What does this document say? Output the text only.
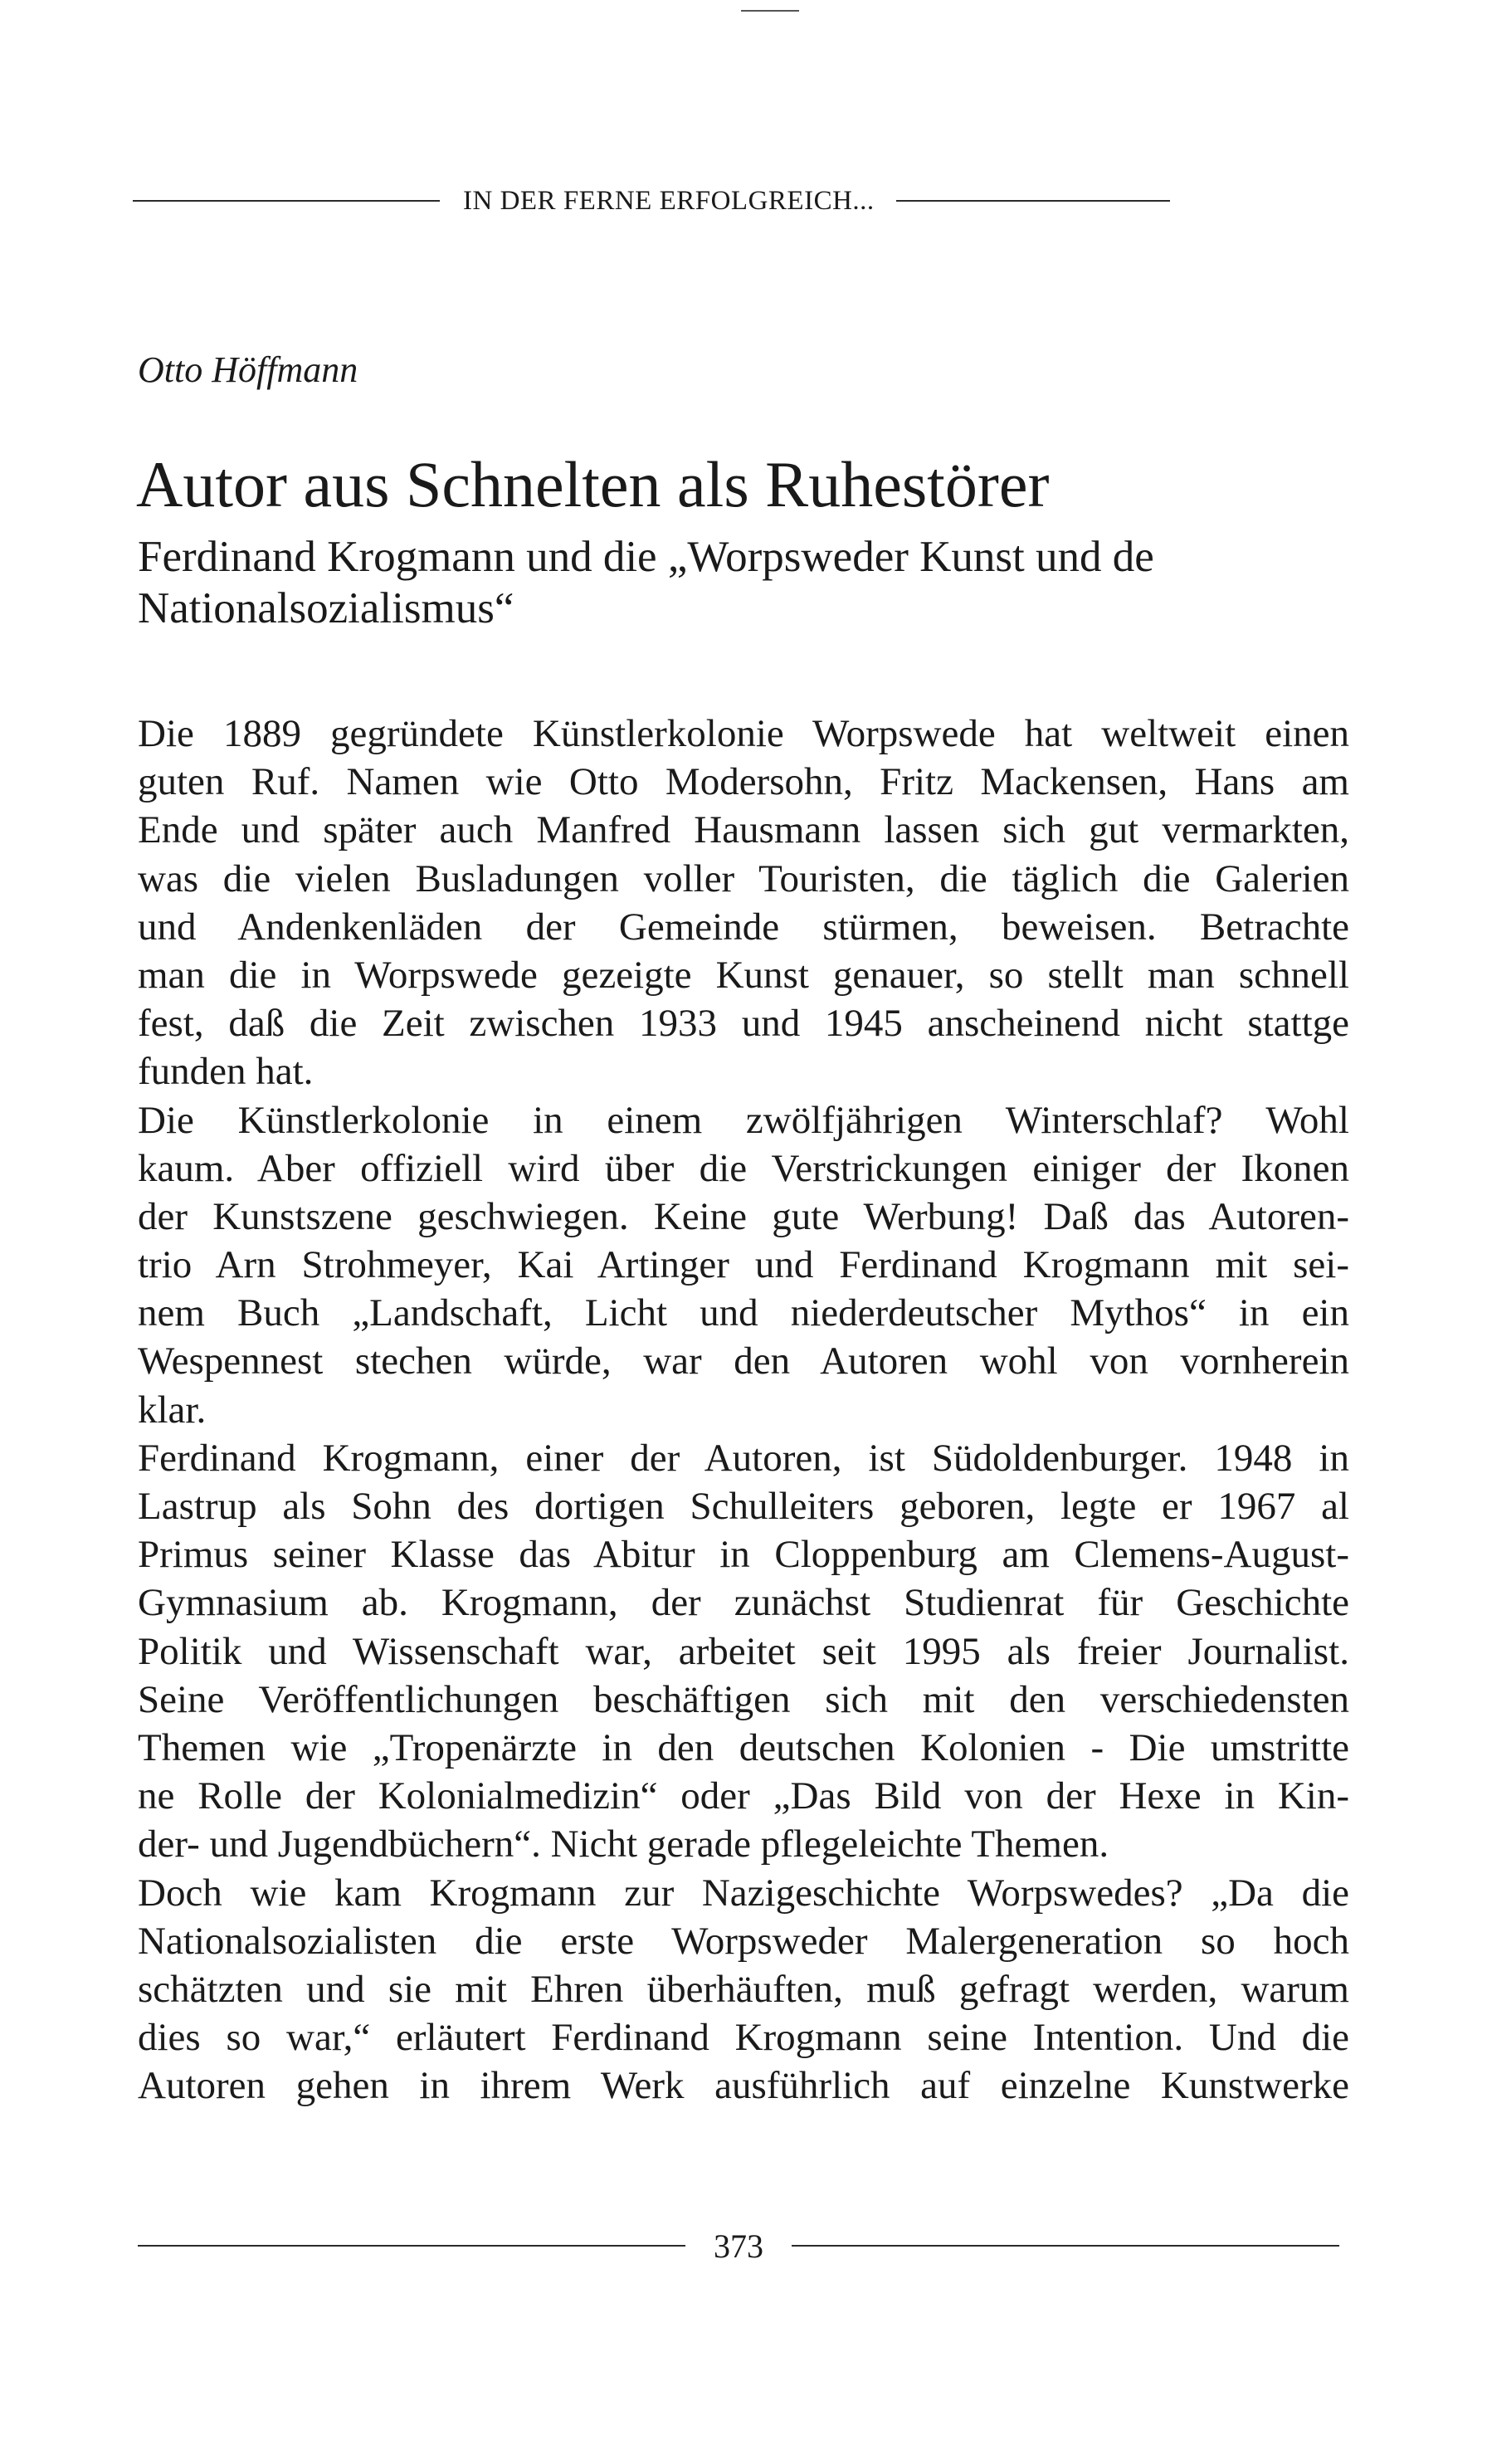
IN DER FERNE ERFOLGREICH...
Otto Höffmann
Autor aus Schnelten als Ruhestörer
Ferdinand Krogmann und die „Worpsweder Kunst und de
Nationalsozialismus“
Die 1889 gegründete Künstlerkolonie Worpswede hat weltweit einen
guten Ruf. Namen wie Otto Modersohn, Fritz Mackensen, Hans am
Ende und später auch Manfred Hausmann lassen sich gut vermarkten,
was die vielen Busladungen voller Touristen, die täglich die Galerien
und Andenkenläden der Gemeinde stürmen, beweisen. Betrachte
man die in Worpswede gezeigte Kunst genauer, so stellt man schnell
fest, daß die Zeit zwischen 1933 und 1945 anscheinend nicht stattge
funden hat.
Die Künstlerkolonie in einem zwölfjährigen Winterschlaf? Wohl
kaum. Aber offiziell wird über die Verstrickungen einiger der Ikonen
der Kunstszene geschwiegen. Keine gute Werbung! Daß das Autoren-
trio Arn Strohmeyer, Kai Artinger und Ferdinand Krogmann mit sei-
nem Buch „Landschaft, Licht und niederdeutscher Mythos“ in ein
Wespennest stechen würde, war den Autoren wohl von vornherein
klar.
Ferdinand Krogmann, einer der Autoren, ist Südoldenburger. 1948 in
Lastrup als Sohn des dortigen Schulleiters geboren, legte er 1967 al
Primus seiner Klasse das Abitur in Cloppenburg am Clemens-August-
Gymnasium ab. Krogmann, der zunächst Studienrat für Geschichte
Politik und Wissenschaft war, arbeitet seit 1995 als freier Journalist.
Seine Veröffentlichungen beschäftigen sich mit den verschiedensten
Themen wie „Tropenärzte in den deutschen Kolonien - Die umstritte
ne Rolle der Kolonialmedizin“ oder „Das Bild von der Hexe in Kin-
der- und Jugendbüchern“. Nicht gerade pflegeleichte Themen.
Doch wie kam Krogmann zur Nazigeschichte Worpswedes? „Da die
Nationalsozialisten die erste Worpsweder Malergeneration so hoch
schätzten und sie mit Ehren überhäuften, muß gefragt werden, warum
dies so war,“ erläutert Ferdinand Krogmann seine Intention. Und die
Autoren gehen in ihrem Werk ausführlich auf einzelne Kunstwerke
373
